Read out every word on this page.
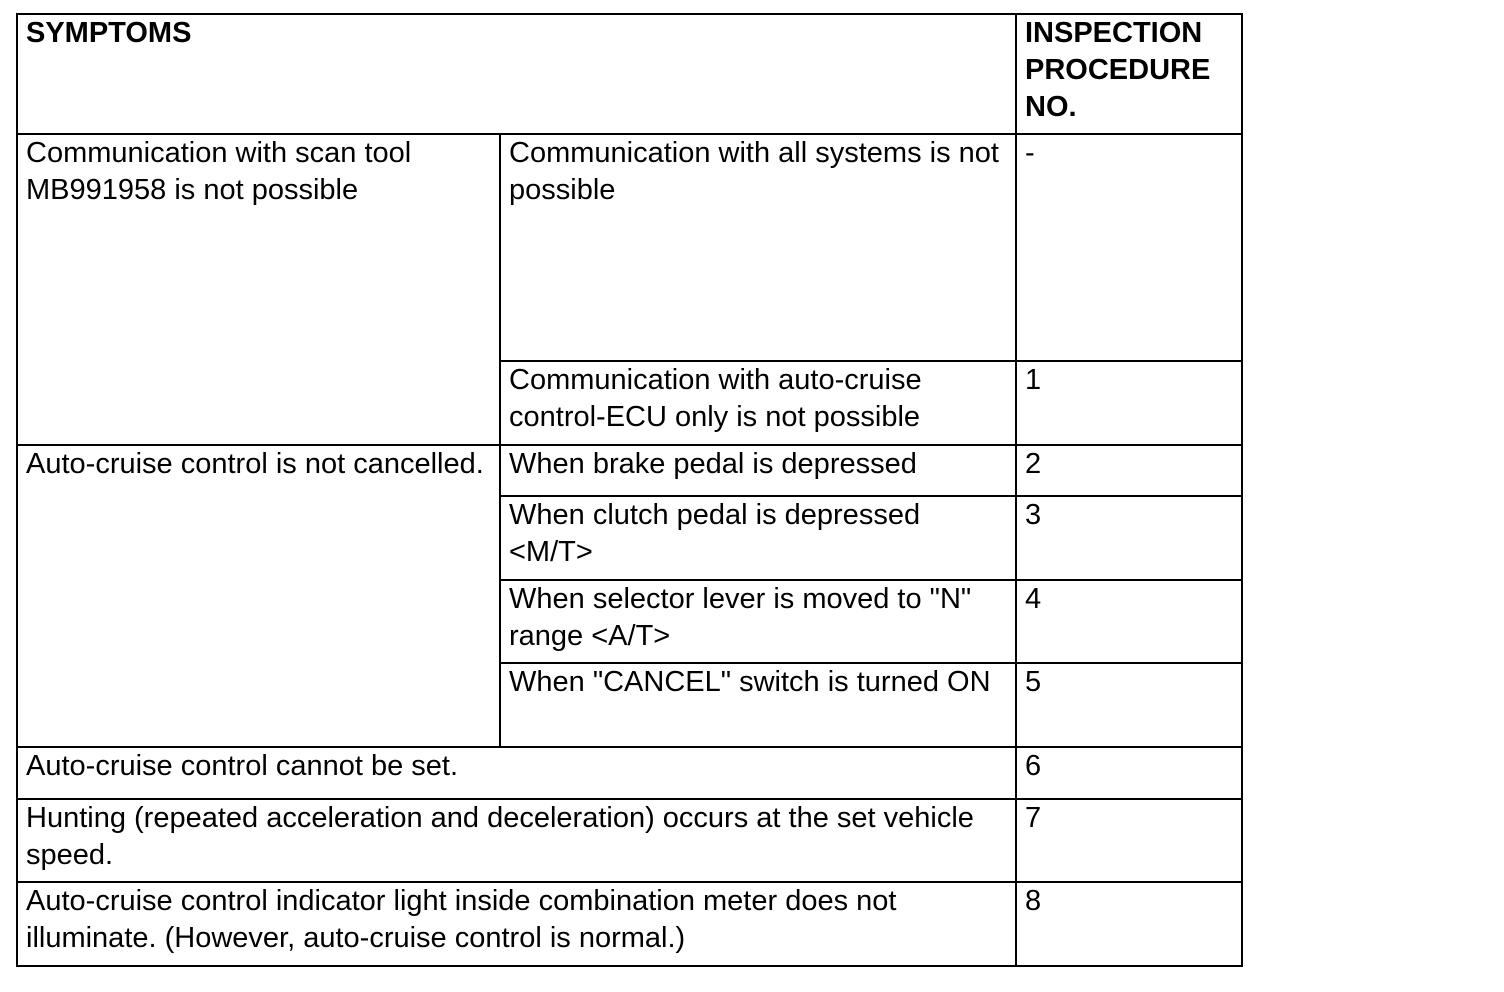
SYMPTOMS		INSPECTION PROCEDURE NO.
Communication with scan tool MB991958 is not possible	Communication with all systems is not possible	-
	Communication with auto-cruise control-ECU only is not possible	1
Auto-cruise control is not cancelled.	When brake pedal is depressed	2
	When clutch pedal is depressed <M/T>	3
	When selector lever is moved to "N" range <A/T>	4
	When "CANCEL" switch is turned ON	5
Auto-cruise control cannot be set.		6
Hunting (repeated acceleration and deceleration) occurs at the set vehicle speed.		7
Auto-cruise control indicator light inside combination meter does not illuminate. (However, auto-cruise control is normal.)		8
